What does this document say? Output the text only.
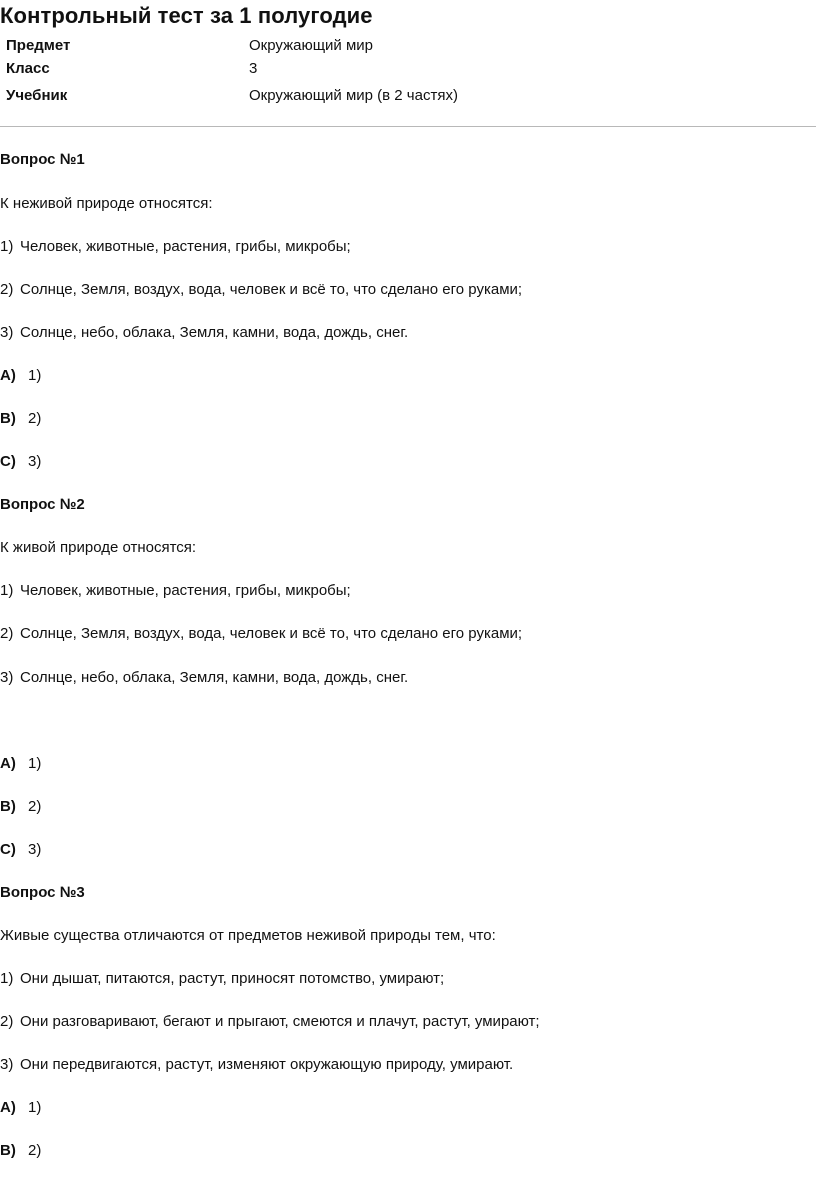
Контрольный тест за 1 полугодие
Предмет	Окружающий мир
Класс	3
Учебник	Окружающий мир (в 2 частях)
Вопрос №1
К неживой природе относятся:
1) Человек, животные, растения, грибы, микробы;
2) Солнце, Земля, воздух, вода, человек и всё то, что сделано его руками;
3) Солнце, небо, облака, Земля, камни, вода, дождь, снег.
A) 1)
B) 2)
C) 3)
Вопрос №2
К живой природе относятся:
1) Человек, животные, растения, грибы, микробы;
2) Солнце, Земля, воздух, вода, человек и всё то, что сделано его руками;
3) Солнце, небо, облака, Земля, камни, вода, дождь, снег.
A) 1)
B) 2)
C) 3)
Вопрос №3
Живые существа отличаются от предметов неживой природы тем, что:
1) Они дышат, питаются, растут, приносят потомство, умирают;
2) Они разговаривают, бегают и прыгают, смеются и плачут, растут, умирают;
3) Они передвигаются, растут, изменяют окружающую природу, умирают.
A) 1)
B) 2)
